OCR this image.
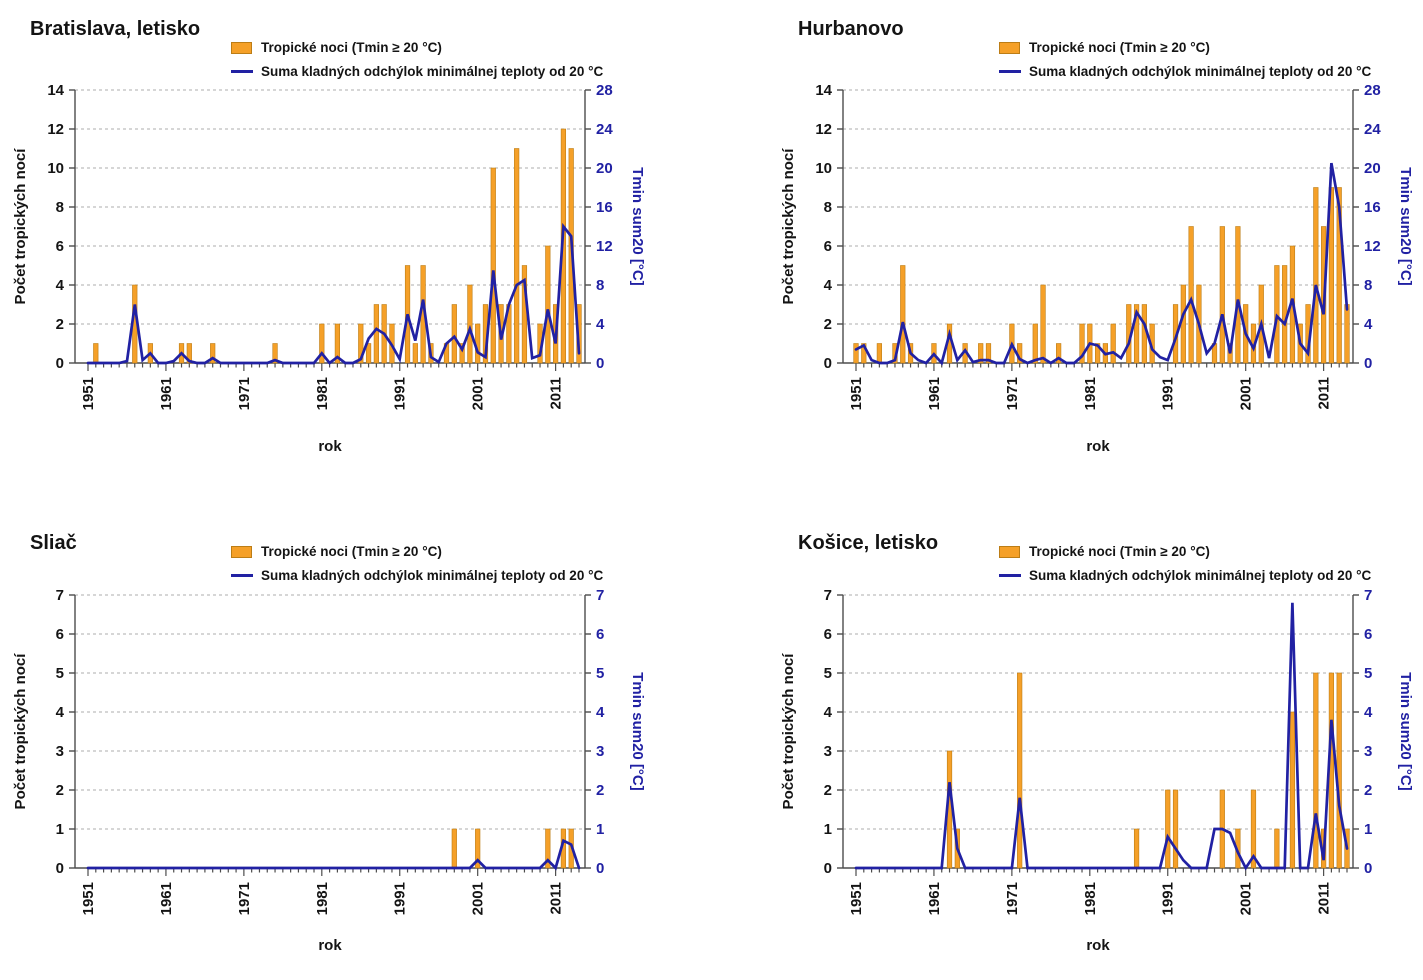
Bratislava, letisko
Tropické noci (Tmin ≥ 20 °C)
Suma kladných odchýlok minimálnej teploty od 20 °C
0	0
2	4
4	8
6	12
8	16
10	20
12	24
14	28
1951	1961	1971	1981	1991	2001	2011
Počet tropických nocí	Tmin sum20 [°C]
rok
Hurbanovo
Tropické noci (Tmin ≥ 20 °C)
Suma kladných odchýlok minimálnej teploty od 20 °C
0	0
2	4
4	8
6	12
8	16
10	20
12	24
14	28
1951	1961	1971	1981	1991	2001	2011
Počet tropických nocí	Tmin sum20 [°C]
rok
Sliač	Tropické noci (Tmin ≥ 20 °C)
Suma kladných odchýlok minimálnej teploty od 20 °C
0	0
1	1
2	2
3	3
4	4
5	5
6	6
7	7
1951	1961	1971	1981	1991	2001	2011
Počet tropických nocí	Tmin sum20 [°C]
rok
Košice, letisko	Tropické noci (Tmin ≥ 20 °C)
Suma kladných odchýlok minimálnej teploty od 20 °C
0	0
1	1
2	2
3	3
4	4
5	5
6	6
7	7
1951	1961	1971	1981	1991	2001	2011
Počet tropických nocí	Tmin sum20 [°C]
rok
